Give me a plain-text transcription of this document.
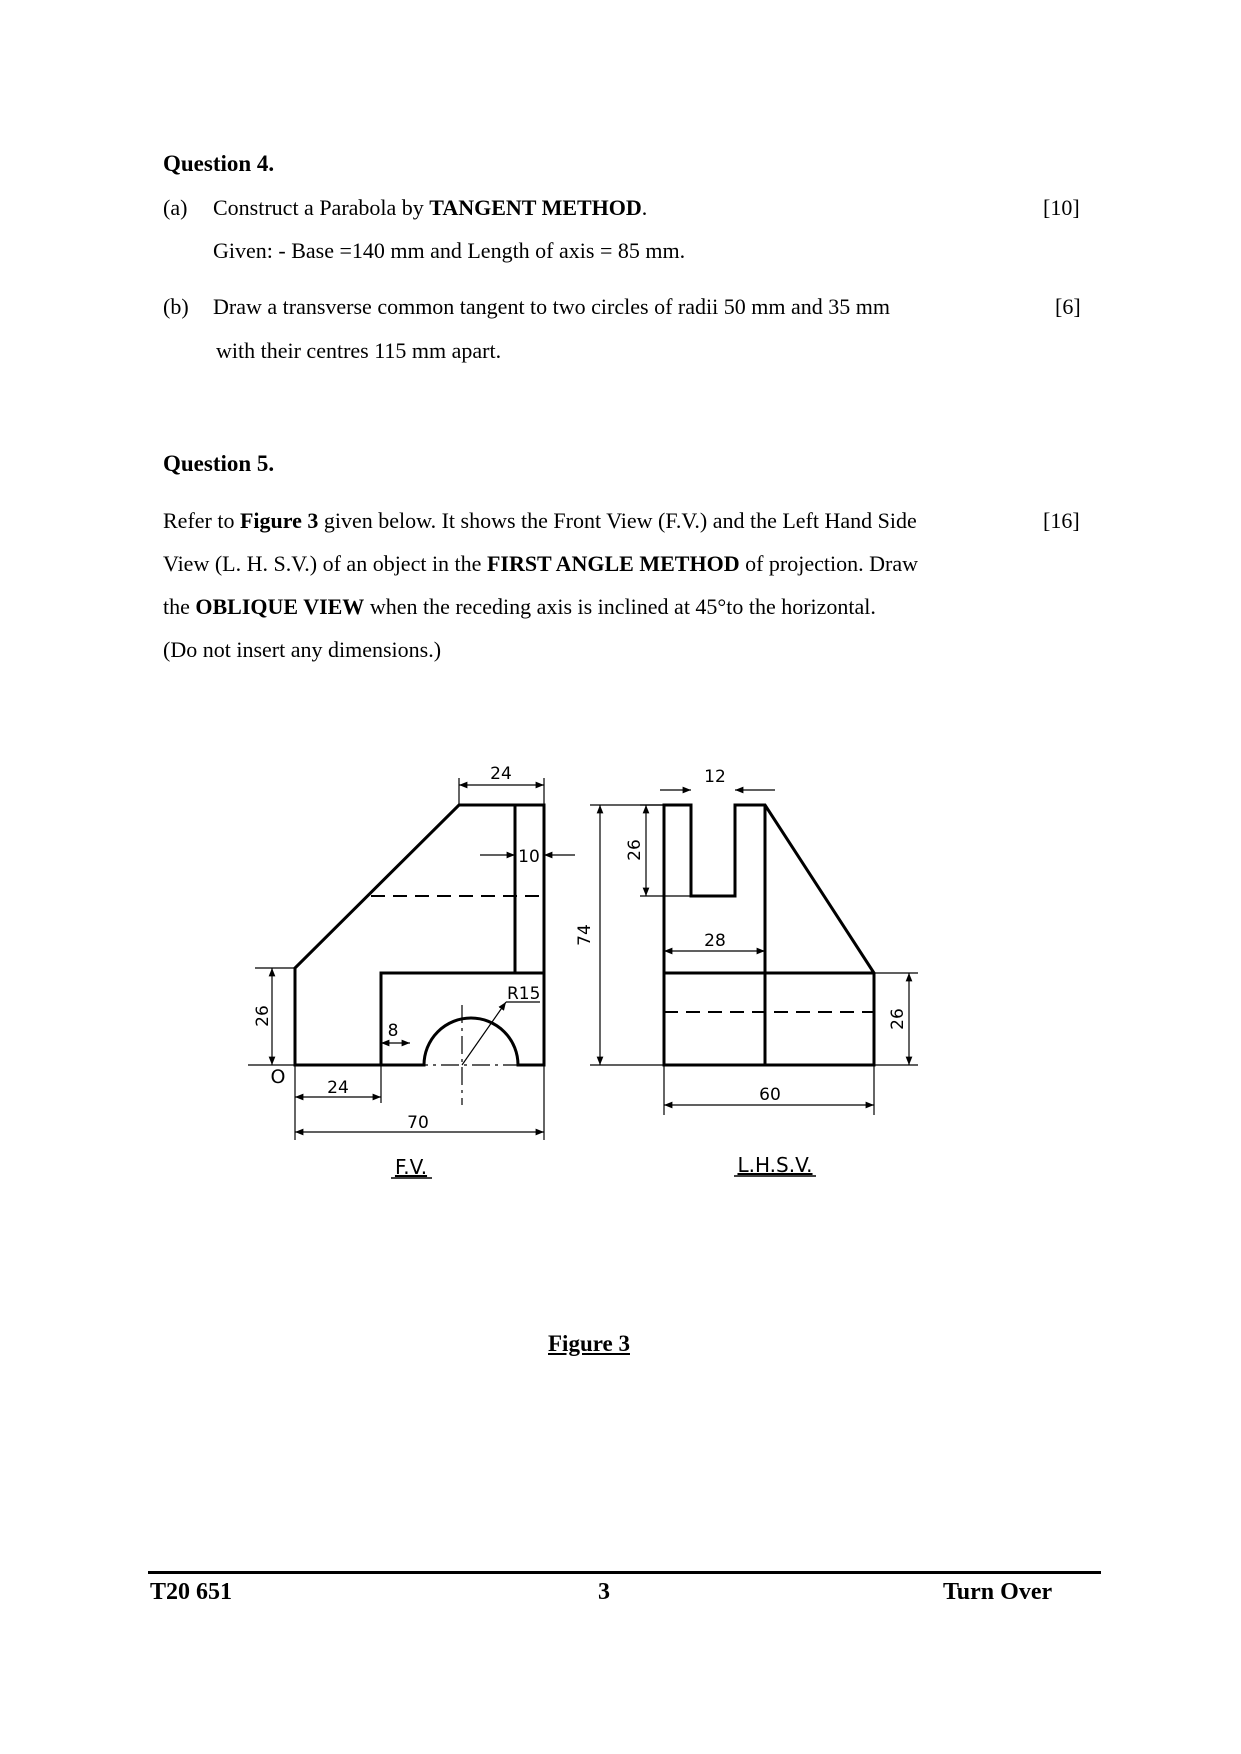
Question 4.
(a) Construct a Parabola by TANGENT METHOD.	[10]
Given: - Base =140 mm and Length of axis = 85 mm.
(b) Draw a transverse common tangent to two circles of radii 50 mm and 35 mm	[6]
with their centres 115 mm apart.
Question 5.
Refer to Figure 3 given below. It shows the Front View (F.V.) and the Left Hand Side	[16]
View (L. H. S.V.) of an object in the FIRST ANGLE METHOD of projection. Draw
the OBLIQUE VIEW when the receding axis is inclined at 45°to the horizontal.
(Do not insert any dimensions.)
24
10
26
8
R15
24
70
O
12
26
74	28
26
60
F.V.	L.H.S.V.
Figure 3
T20 651	3	Turn Over
